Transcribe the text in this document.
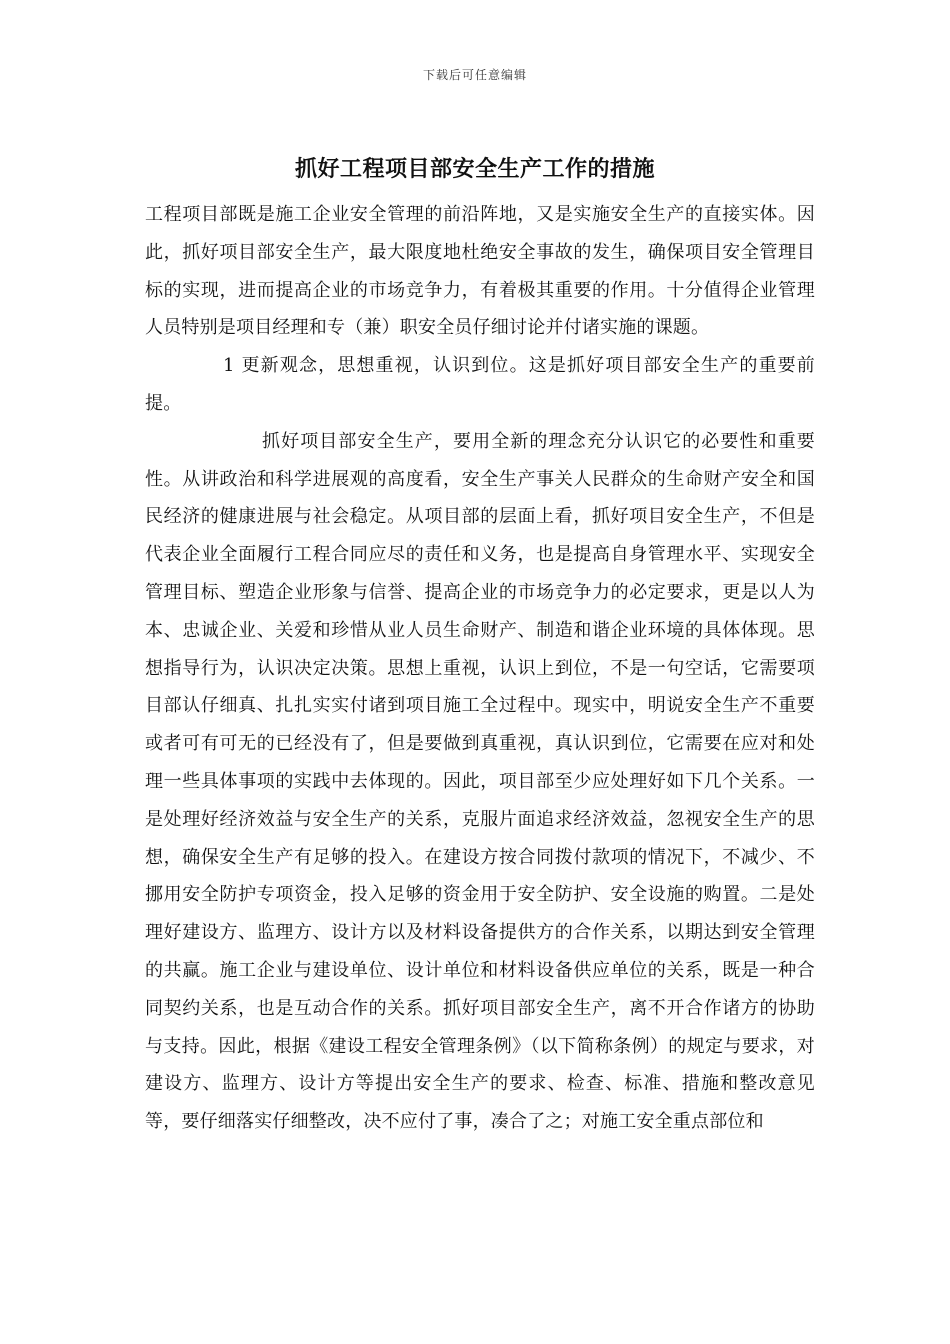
下载后可任意编辑
抓好工程项目部安全生产工作的措施

工程项目部既是施工企业安全管理的前沿阵地，又是实施安全生产的直接实体。因此，抓好项目部安全生产，最大限度地杜绝安全事故的发生，确保项目安全管理目标的实现，进而提高企业的市场竞争力，有着极其重要的作用。十分值得企业管理人员特别是项目经理和专（兼）职安全员仔细讨论并付诸实施的课题。

1 更新观念，思想重视，认识到位。这是抓好项目部安全生产的重要前提。

抓好项目部安全生产，要用全新的理念充分认识它的必要性和重要性。从讲政治和科学进展观的高度看，安全生产事关人民群众的生命财产安全和国民经济的健康进展与社会稳定。从项目部的层面上看，抓好项目安全生产，不但是代表企业全面履行工程合同应尽的责任和义务，也是提高自身管理水平、实现安全管理目标、塑造企业形象与信誉、提高企业的市场竞争力的必定要求，更是以人为本、忠诚企业、关爱和珍惜从业人员生命财产、制造和谐企业环境的具体体现。思想指导行为，认识决定决策。思想上重视，认识上到位，不是一句空话，它需要项目部认仔细真、扎扎实实付诸到项目施工全过程中。现实中，明说安全生产不重要或者可有可无的已经没有了，但是要做到真重视，真认识到位，它需要在应对和处理一些具体事项的实践中去体现的。因此，项目部至少应处理好如下几个关系。一是处理好经济效益与安全生产的关系，克服片面追求经济效益，忽视安全生产的思想，确保安全生产有足够的投入。在建设方按合同拨付款项的情况下，不减少、不挪用安全防护专项资金，投入足够的资金用于安全防护、安全设施的购置。二是处理好建设方、监理方、设计方以及材料设备提供方的合作关系，以期达到安全管理的共赢。施工企业与建设单位、设计单位和材料设备供应单位的关系，既是一种合同契约关系，也是互动合作的关系。抓好项目部安全生产，离不开合作诸方的协助与支持。因此，根据《建设工程安全管理条例》（以下简称条例）的规定与要求，对建设方、监理方、设计方等提出安全生产的要求、检查、标准、措施和整改意见等，要仔细落实仔细整改，决不应付了事，凑合了之；对施工安全重点部位和
